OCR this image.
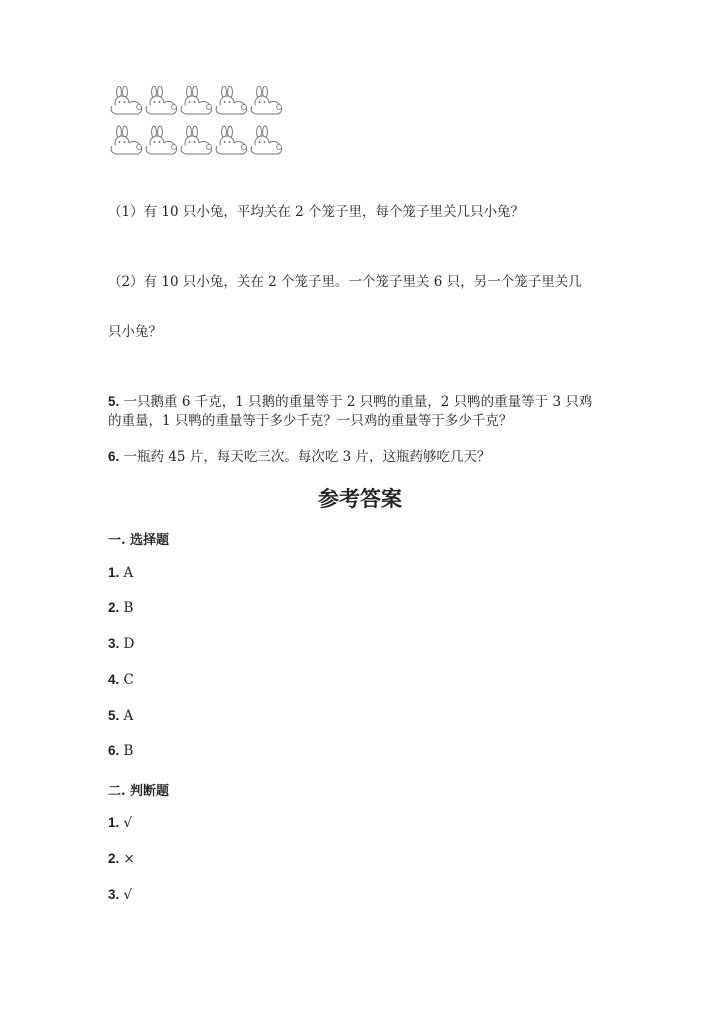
（1）有 10 只小兔，平均关在 2 个笼子里，每个笼子里关几只小兔？
（2）有 10 只小兔，关在 2 个笼子里。一个笼子里关 6 只，另一个笼子里关几
只小兔？
5. 一只鹅重 6 千克，1 只鹅的重量等于 2 只鸭的重量，2 只鸭的重量等于 3 只鸡
的重量，1 只鸭的重量等于多少千克？一只鸡的重量等于多少千克？
6. 一瓶药 45 片，每天吃三次。每次吃 3 片，这瓶药够吃几天？
参考答案
一. 选择题
1. A
2. B
3. D
4. C
5. A
6. B
二. 判断题
1. √
2. ×
3. √
